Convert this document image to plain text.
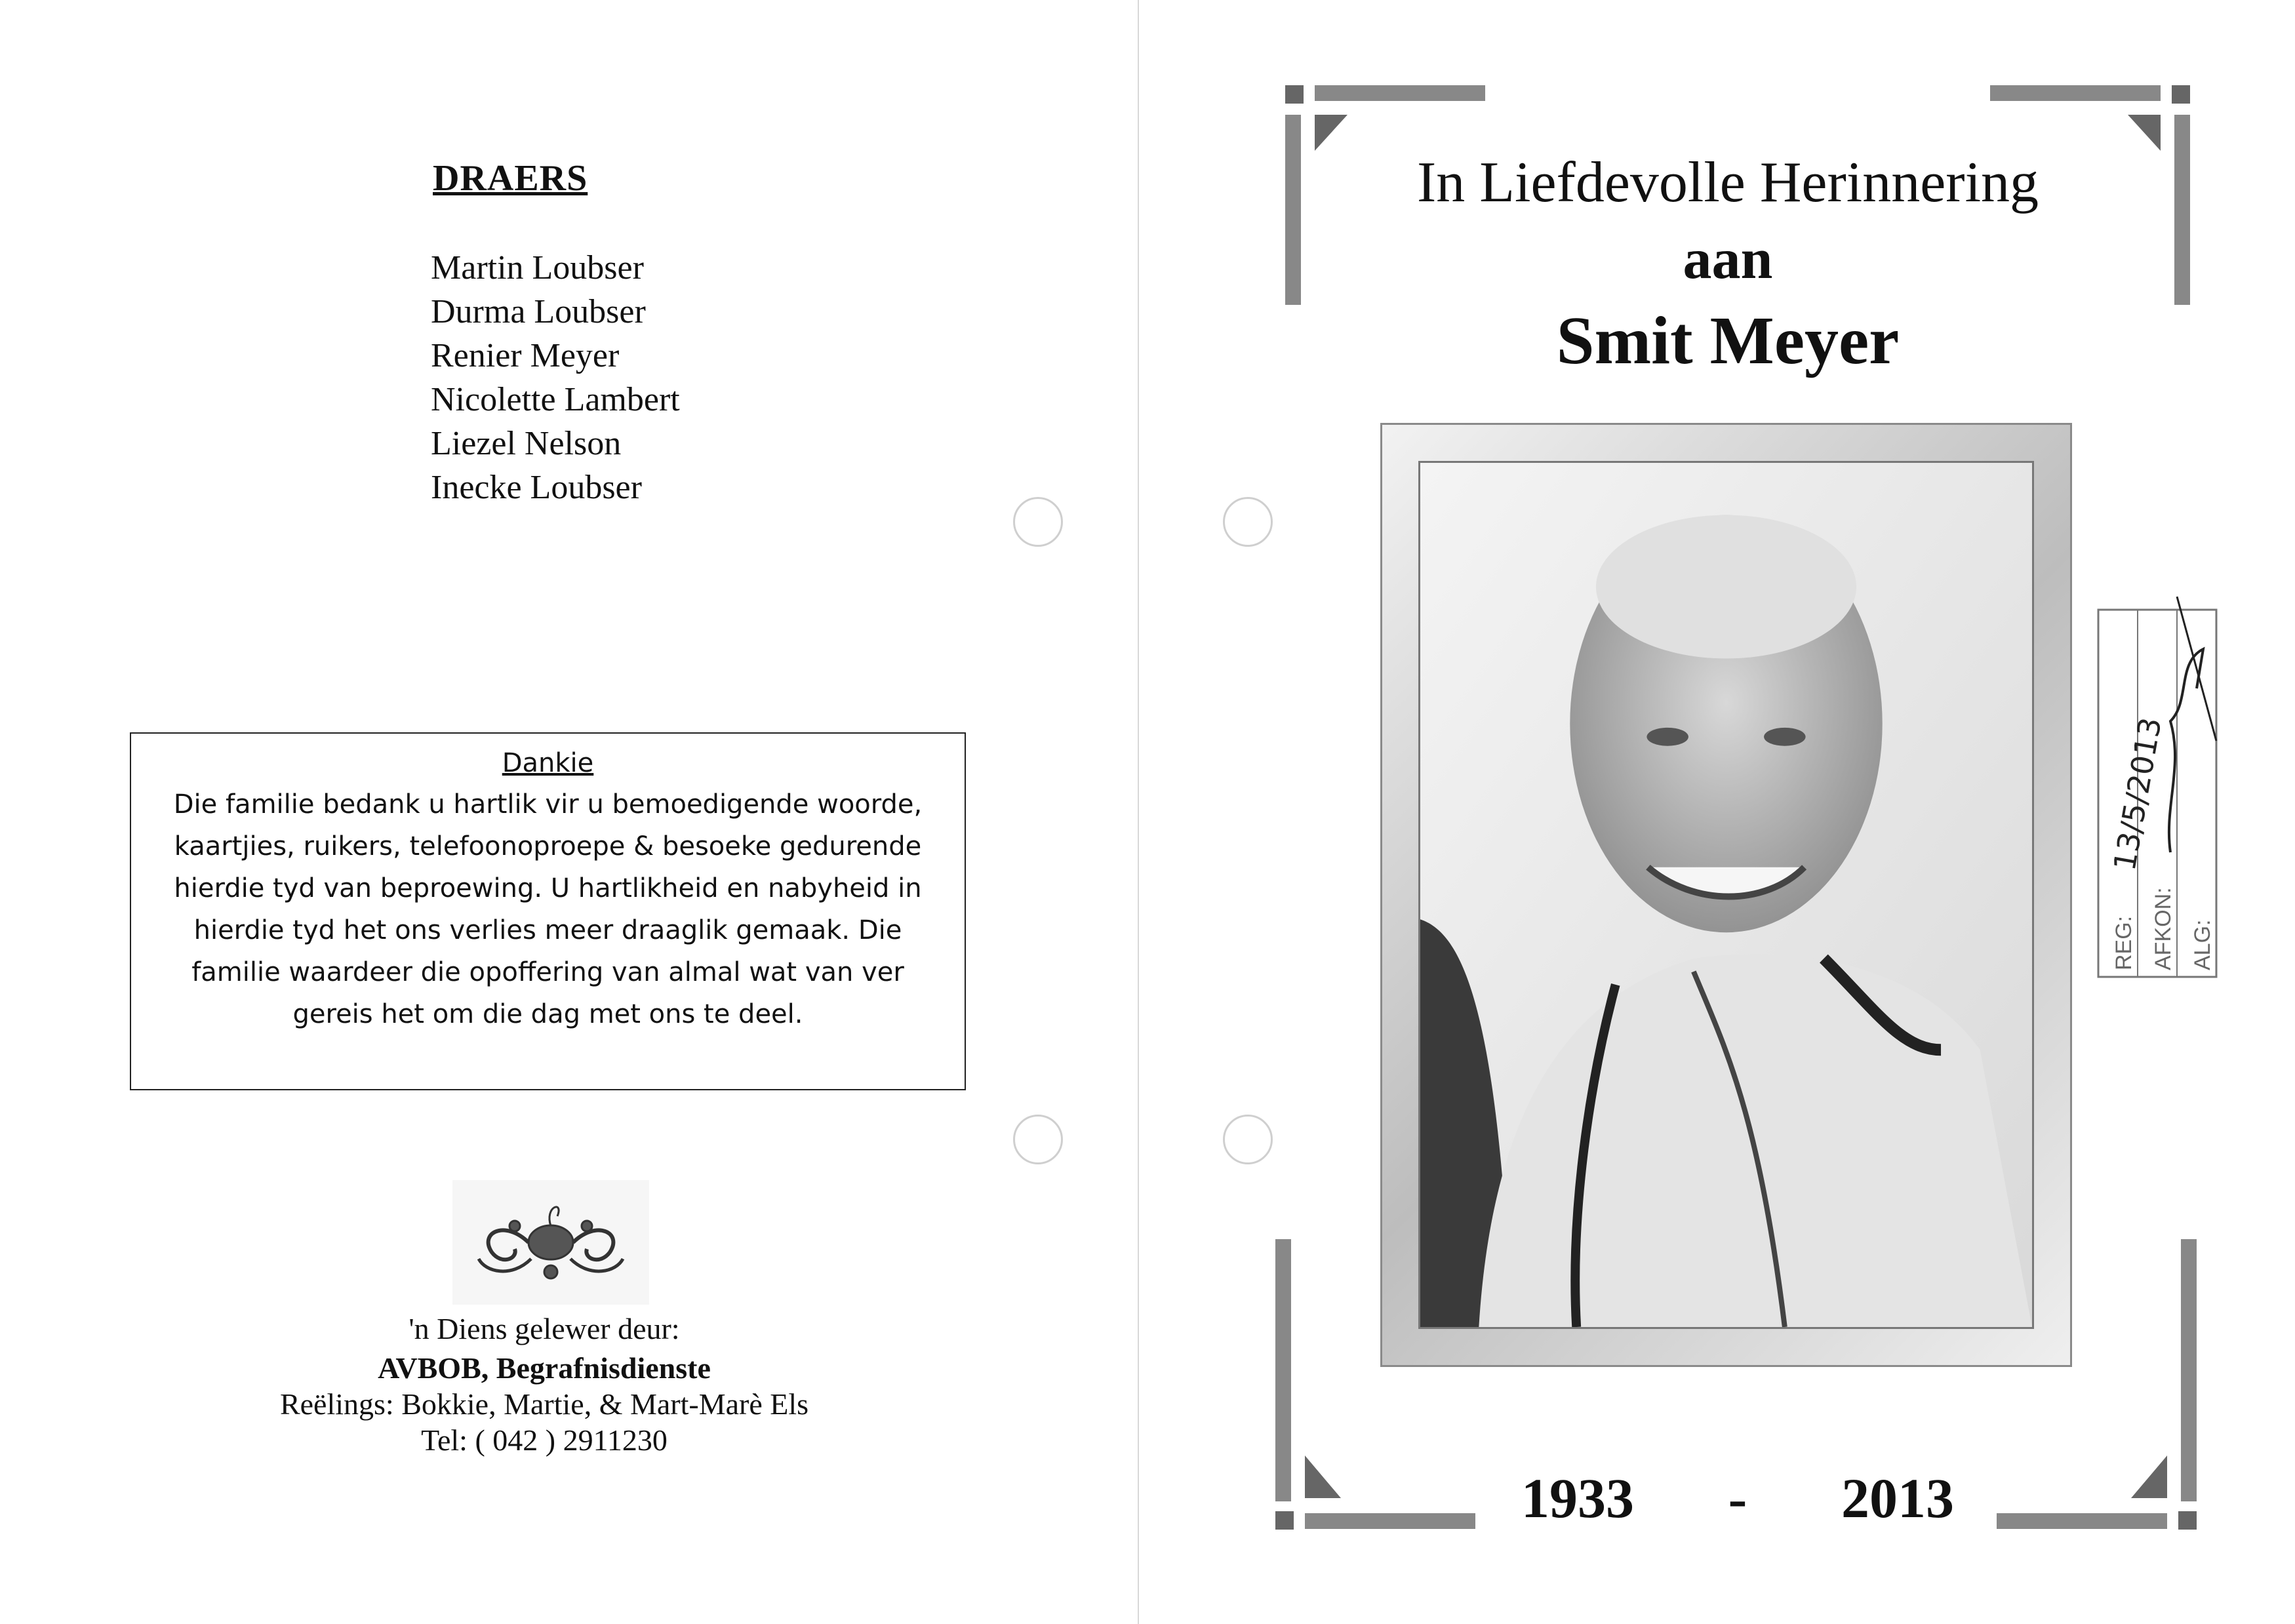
DRAERS
Martin Loubser
Durma Loubser
Renier Meyer
Nicolette Lambert
Liezel Nelson
Inecke Loubser
Dankie
Die familie bedank u hartlik vir u bemoedigende woorde, kaartjies, ruikers, telefoonoproepe & besoeke gedurende hierdie tyd van beproewing. U hartlikheid en nabyheid in hierdie tyd het ons verlies meer draaglik gemaak. Die familie waardeer die opoffering van almal wat van ver gereis het om die dag met ons te deel.
'n Diens gelewer deur:
AVBOB, Begrafnisdienste
Reëlings: Bokkie, Martie, & Mart-Marè Els
Tel: ( 042 ) 2911230
In Liefdevolle Herinnering
aan
Smit Meyer
REG: AFKON: ALG:
13/5/2013
1933 - 2013
